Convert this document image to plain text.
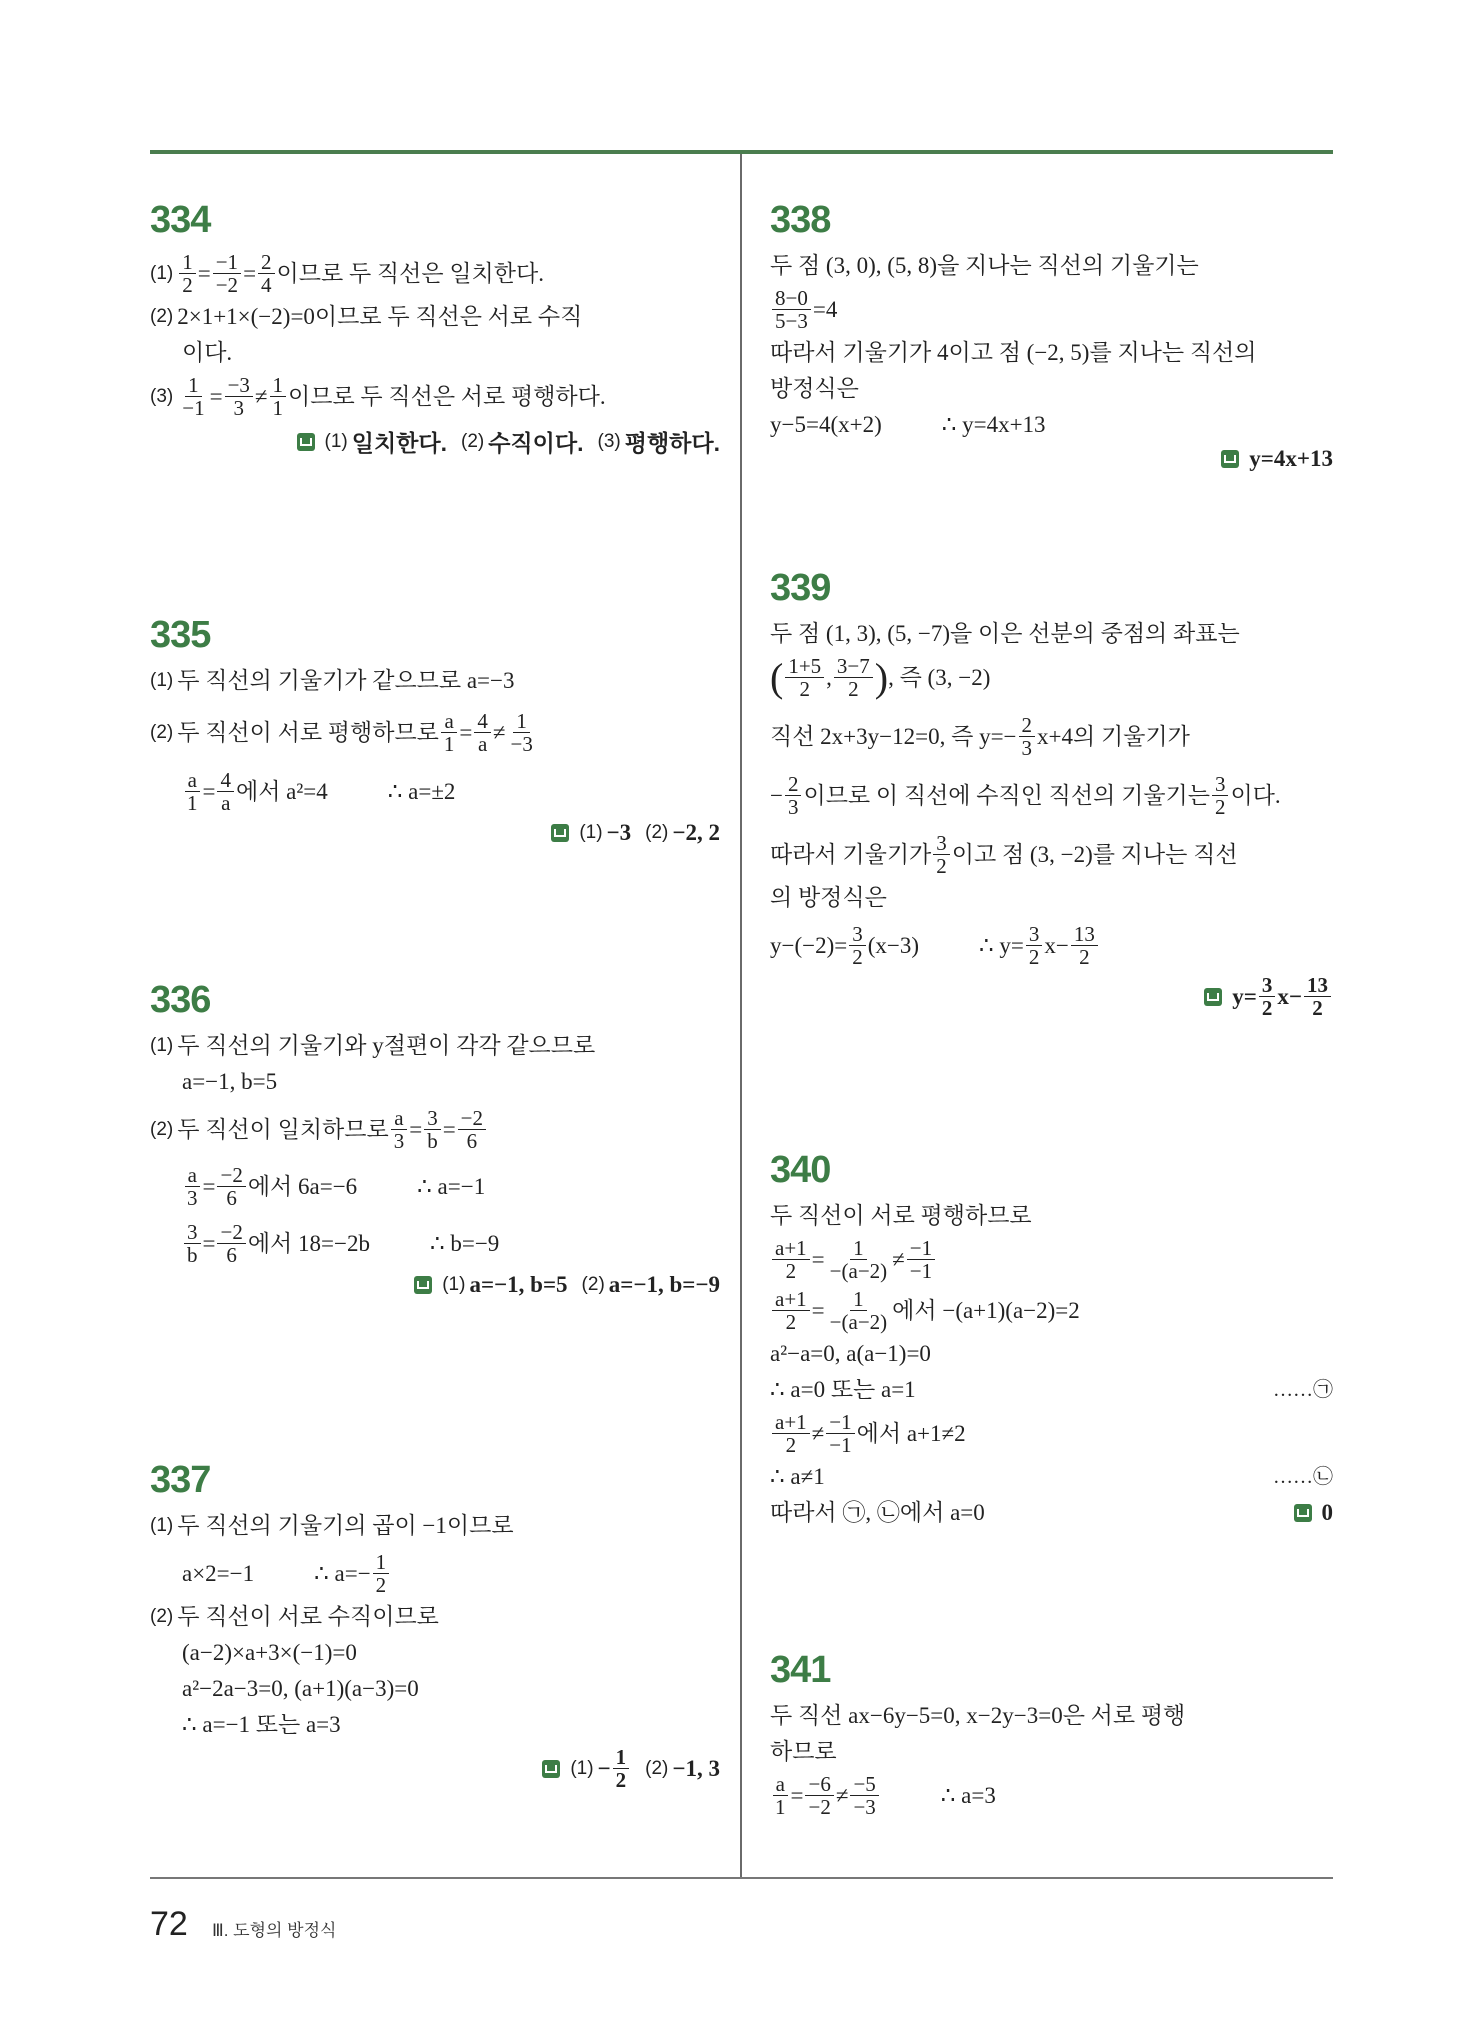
334
$(1) \frac{1}{2} = \frac{-1}{-2} = \frac{2}{4}$ 이므로 두 직선은 일치한다.
(2) 2×1+1×(−2)=0이므로 두 직선은 서로 수직
이다.
$(3) \frac{1}{-1} = \frac{-3}{3} \ne \frac{1}{1}$ 이므로 두 직선은 서로 평행하다.
(1) 일치한다. (2) 수직이다. (3) 평행하다.
335
(1) 두 직선의 기울기가 같으므로 a=−3
(2) 두 직선이 서로 평행하므로 $\frac{a}{1} = \frac{4}{a} \ne \frac{1}{-3}$
$\frac{a}{1} = \frac{4}{a}$ 에서 a²=4	∴ a=±2
(1) −3 (2) −2, 2
336
(1) 두 직선의 기울기와 y절편이 각각 같으므로
a=−1, b=5
(2) 두 직선이 일치하므로 $\frac{a}{3} = \frac{3}{b} = \frac{-2}{6}$
$\frac{a}{3} = \frac{-2}{6}$ 에서 6a=−6	∴ a=−1
$\frac{3}{b} = \frac{-2}{6}$ 에서 18=−2b	∴ b=−9
(1) a=−1, b=5 (2) a=−1, b=−9
337
(1) 두 직선의 기울기의 곱이 −1이므로
a×2=−1	∴ $a=- \frac{1}{2}$
(2) 두 직선이 서로 수직이므로
(a−2)×a+3×(−1)=0
a²−2a−3=0, (a+1)(a−3)=0
∴ a=−1 또는 a=3
$(1) - \frac{1}{2} (2) -1$, 3
338
두 점 (3, 0), (5, 8)을 지나는 직선의 기울기는
$\frac{8-0}{5-3} =4$
따라서 기울기가 4이고 점 (−2, 5)를 지나는 직선의
방정식은
y−5=4(x+2)	∴ y=4x+13
y=4x+13
339
두 점 (1, 3), (5, −7)을 이은 선분의 중점의 좌표는
( $\frac{1+5}{2}$ , $\frac{3-7}{2}$ ) , 즉 (3, −2)
직선 2x+3y−12=0, 즉 $y=- \frac{2}{3} x+4$의 기울기가
− $\frac{2}{3}$ 이므로 이 직선에 수직인 직선의 기울기는 $\frac{3}{2}$ 이다.
따라서 기울기가 $\frac{3}{2}$ 이고 점 (3, −2)를 지나는 직선
의 방정식은
$y-(-2)= \frac{3}{2} (x-3)$	∴ $y= \frac{3}{2} x- \frac{13}{2}$
$y= \frac{3}{2} x- \frac{13}{2}$
340
두 직선이 서로 평행하므로
$\frac{a+1}{2} = \frac{1}{-(a-2)} \ne \frac{-1}{-1}$
$\frac{a+1}{2} = \frac{1}{-(a-2)}$ 에서 −(a+1)(a−2)=2
a²−a=0, a(a−1)=0
∴ a=0 또는 a=1	……㉠
$\frac{a+1}{2} \ne \frac{-1}{-1}$ 에서 a+1≠2
∴ a≠1	……㉡
따라서 ㉠, ㉡에서 a=0	0
341
두 직선 ax−6y−5=0, x−2y−3=0은 서로 평행
하므로
$\frac{a}{1} = \frac{-6}{-2} \ne \frac{-5}{-3}$	∴ a=3
72 Ⅲ. 도형의 방정식
